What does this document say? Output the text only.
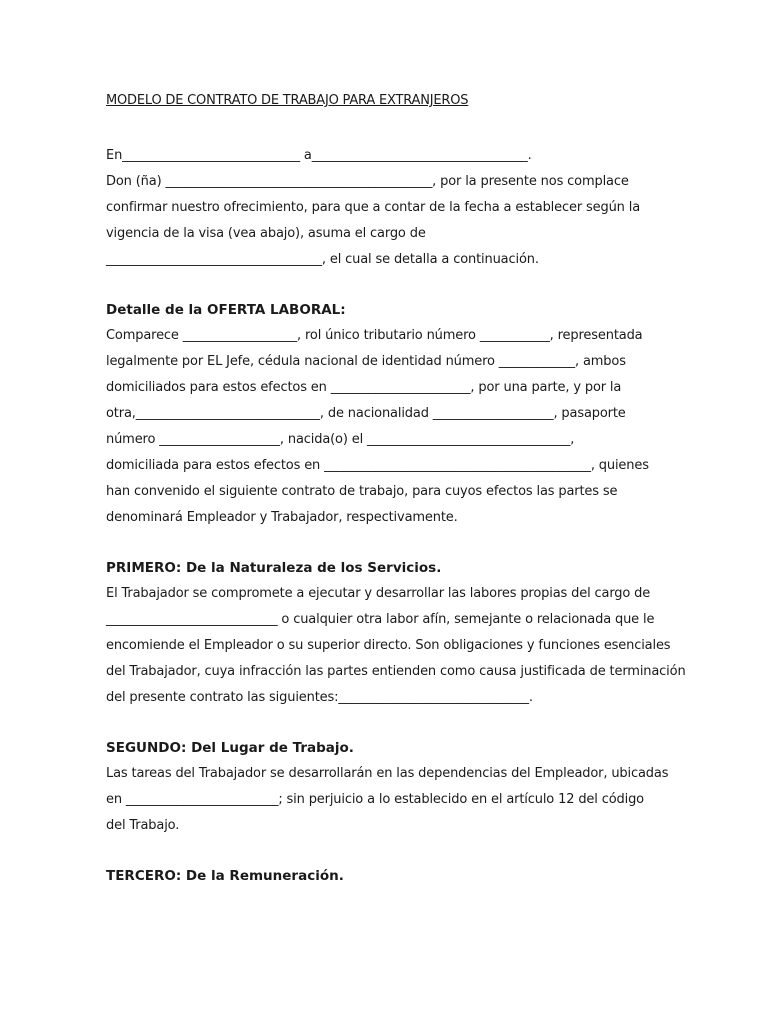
MODELO DE CONTRATO DE TRABAJO PARA EXTRANJEROS

En____________________________ a__________________________________.

Don (ña) __________________________________________, por la presente nos complace

confirmar nuestro ofrecimiento, para que a contar de la fecha a establecer según la

vigencia de la visa (vea abajo), asuma el cargo de

__________________________________, el cual se detalla a continuación.

Detalle de la OFERTA LABORAL:

Comparece __________________, rol único tributario número ___________, representada

legalmente por EL Jefe, cédula nacional de identidad número ____________, ambos

domiciliados para estos efectos en ______________________, por una parte, y por la

otra,_____________________________, de nacionalidad ___________________, pasaporte

número ___________________, nacida(o) el ________________________________,

domiciliada para estos efectos en __________________________________________, quienes

han convenido el siguiente contrato de trabajo, para cuyos efectos las partes se

denominará Empleador y Trabajador, respectivamente.

PRIMERO: De la Naturaleza de los Servicios.

El Trabajador se compromete a ejecutar y desarrollar las labores propias del cargo de

___________________________ o cualquier otra labor afín, semejante o relacionada que le

encomiende el Empleador o su superior directo. Son obligaciones y funciones esenciales

del Trabajador, cuya infracción las partes entienden como causa justificada de terminación

del presente contrato las siguientes:______________________________.

SEGUNDO: Del Lugar de Trabajo.

Las tareas del Trabajador se desarrollarán en las dependencias del Empleador, ubicadas

en ________________________; sin perjuicio a lo establecido en el artículo 12 del código

del Trabajo.

TERCERO: De la Remuneración.
